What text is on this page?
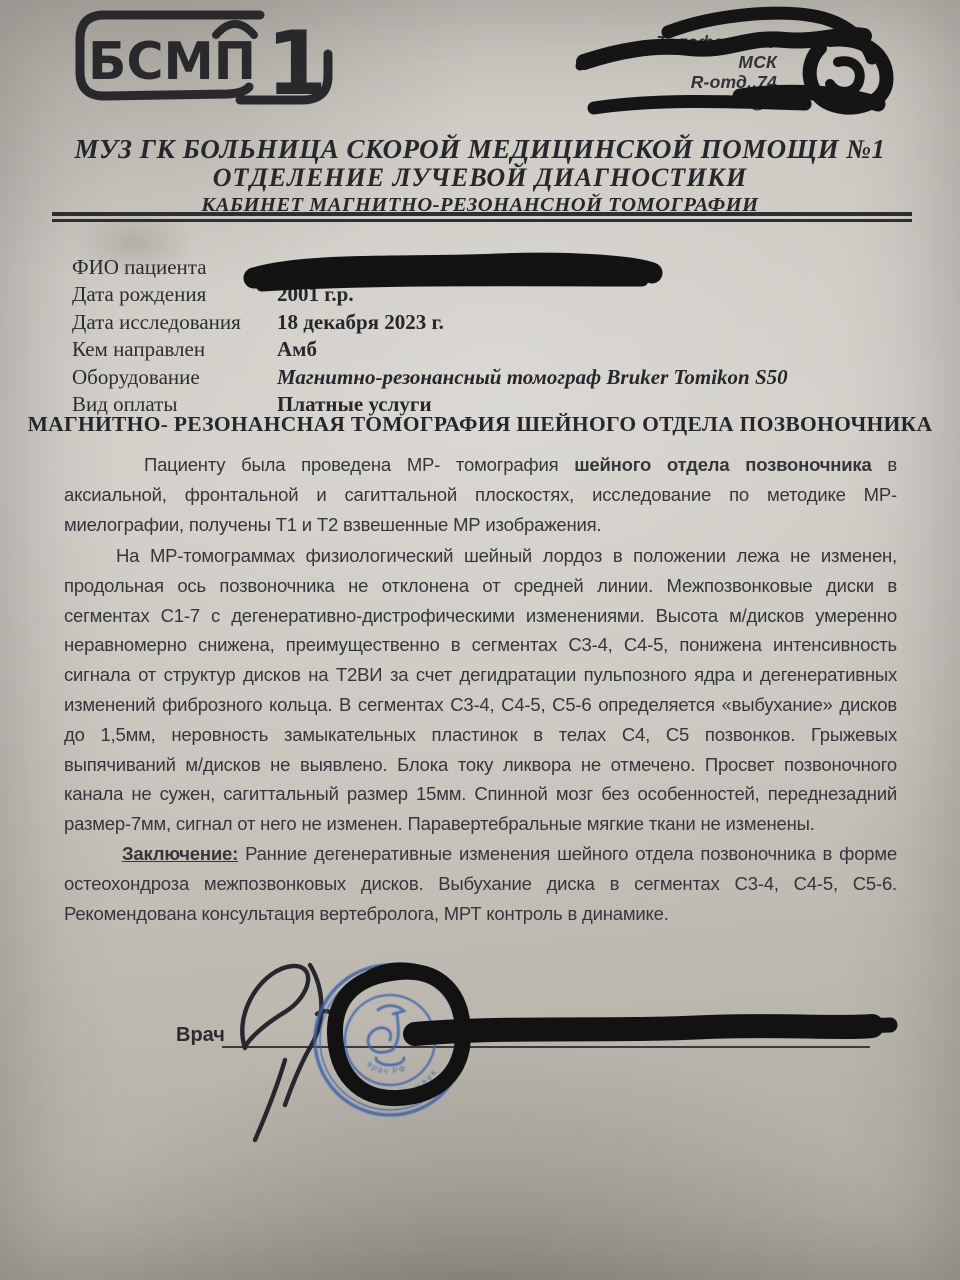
БСМП 1	Телефон МРТ
МСК
R-отд..74
e-mail: rzav@b
МУЗ ГК БОЛЬНИЦА СКОРОЙ МЕДИЦИНСКОЙ ПОМОЩИ №1
ОТДЕЛЕНИЕ ЛУЧЕВОЙ ДИАГНОСТИКИ
КАБИНЕТ МАГНИТНО-РЕЗОНАНСНОЙ ТОМОГРАФИИ
ФИО пациента
Дата рождения	2001 г.р.
Дата исследования	18 декабря 2023 г.
Кем направлен	Амб
Оборудование	Магнитно-резонансный томограф Bruker Tomikon S50
Вид оплаты	Платные услуги
МАГНИТНО- РЕЗОНАНСНАЯ ТОМОГРАФИЯ ШЕЙНОГО ОТДЕЛА ПОЗВОНОЧНИКА

Пациенту была проведена МР- томография шейного отдела позвоночника в аксиальной, фронтальной и сагиттальной плоскостях, исследование по методике МР- миелографии, получены Т1 и Т2 взвешенные МР изображения.

На МР-томограммах физиологический шейный лордоз в положении лежа не изменен, продольная ось позвоночника не отклонена от средней линии. Межпозвонковые диски в сегментах С1-7 с дегенеративно-дистрофическими изменениями. Высота м/дисков умеренно неравномерно снижена, преимущественно в сегментах С3-4, С4-5, понижена интенсивность сигнала от структур дисков на Т2ВИ за счет дегидратации пульпозного ядра и дегенеративных изменений фиброзного кольца. В сегментах С3-4, С4-5, С5-6 определяется «выбухание» дисков до 1,5мм, неровность замыкательных пластинок в телах С4, С5 позвонков. Грыжевых выпячиваний м/дисков не выявлено. Блока току ликвора не отмечено. Просвет позвоночного канала не сужен, сагиттальный размер 15мм. Спинной мозг без особенностей, переднезадний размер-7мм, сигнал от него не изменен. Паравертебральные мягкие ткани не изменены.

Заключение: Ранние дегенеративные изменения шейного отдела позвоночника в форме остеохондроза межпозвонковых дисков. Выбухание диска в сегментах С3-4, С4-5, С5-6. Рекомендована консультация вертебролога, МРТ контроль в динамике.

Врач
медицинских наук
врач РФ
